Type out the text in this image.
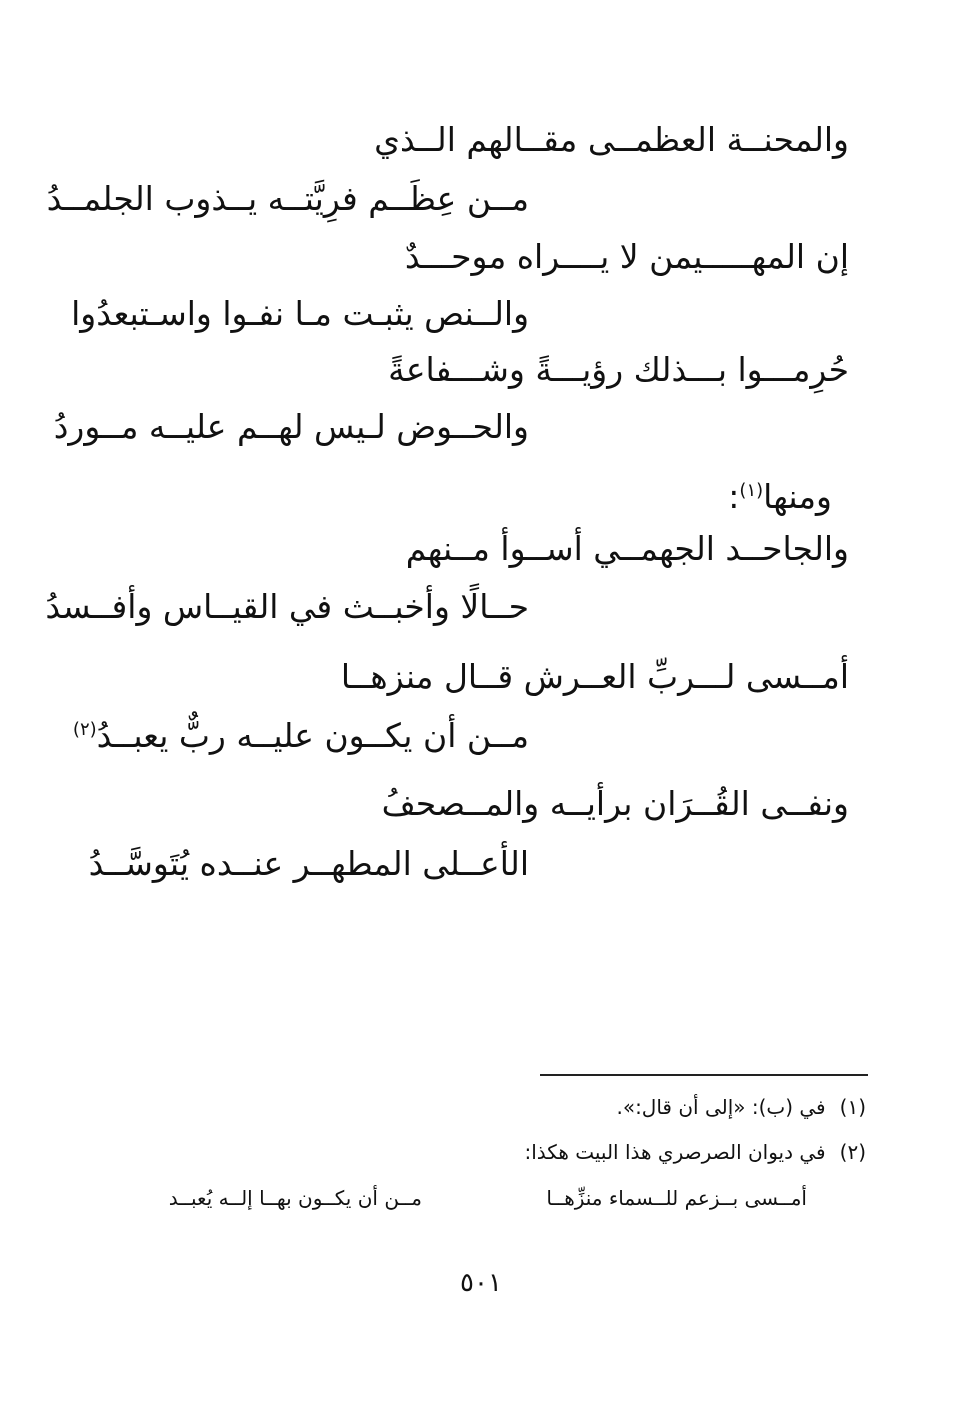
والمحنــة العظمــى مقــالهم الــذي
مــن عِظَــم فرِيَّتــه يــذوب الجلمــدُ
إن المهـــــيمن لا يــــراه موحـــدٌ
والــنص يثبـت مـا نفـوا واسـتبعدُوا
حُرِمـــوا بـــذلك رؤيـــةً وشـــفاعةً
والحــوض لـيس لهــم عليــه مــوردُ
ومنها$^{(١)}$:
والجاحــد الجهمــي أســوأ مــنهم
حــالًا وأخبــث في القيــاس وأفــسدُ
أمــسى لـــربِّ العــرش قــال منزهــا
مــن أن يكــون عليــه ربٌّ يعبــدُ$^{(٢)}$
ونفــى القُــرَان برأيــه والمــصحفُ
الأعــلى المطهــر عنــده يُتَوسَّــدُ
(١)في (ب): «إلى أن قال:».
(٢)في ديوان الصرصري هذا البيت هكذا:
أمــسى بــزعم للــسماء منزِّهــا
مــن أن يكــون بهــا إلــه يُعبــد
٥٠١
